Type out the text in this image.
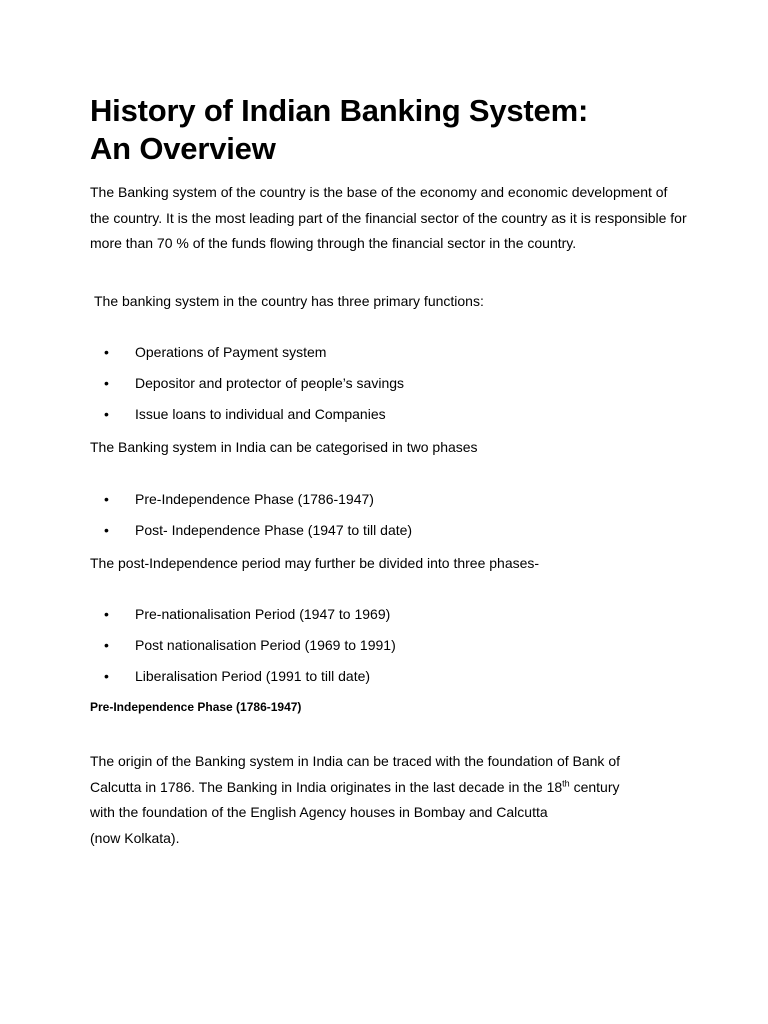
History of Indian Banking System:
An Overview

The Banking system of the country is the base of the economy and economic development of the country. It is the most leading part of the financial sector of the country as it is responsible for more than 70 % of the funds flowing through the financial sector in the country.

The banking system in the country has three primary functions:

• Operations of Payment system
• Depositor and protector of people’s savings
• Issue loans to individual and Companies

The Banking system in India can be categorised in two phases

• Pre-Independence Phase (1786-1947)
• Post- Independence Phase (1947 to till date)

The post-Independence period may further be divided into three phases-

• Pre-nationalisation Period (1947 to 1969)
• Post nationalisation Period (1969 to 1991)
• Liberalisation Period (1991 to till date)
Pre-Independence Phase (1786-1947)

The origin of the Banking system in India can be traced with the foundation of Bank of
Calcutta in 1786. The Banking in India originates in the last decade in the 18th century
with the foundation of the English Agency houses in Bombay and Calcutta
(now Kolkata).
